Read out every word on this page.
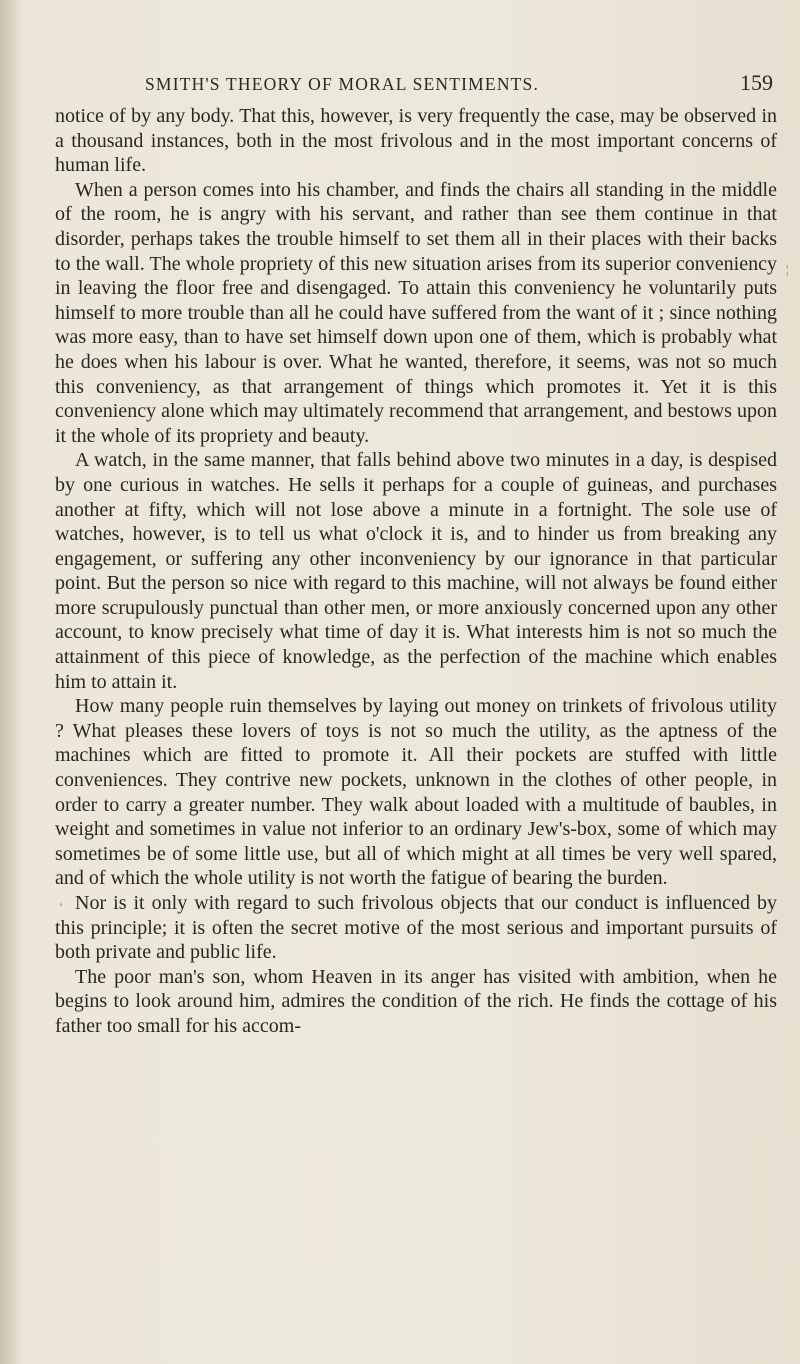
SMITH'S THEORY OF MORAL SENTIMENTS.	159

notice of by any body. That this, however, is very frequently the case, may be observed in a thousand instances, both in the most frivolous and in the most important concerns of human life.

When a person comes into his chamber, and finds the chairs all standing in the middle of the room, he is angry with his servant, and rather than see them continue in that disorder, perhaps takes the trouble himself to set them all in their places with their backs to the wall. The whole propriety of this new situation arises from its superior conveniency in leaving the floor free and disengaged. To attain this conveniency he voluntarily puts himself to more trouble than all he could have suffered from the want of it ; since nothing was more easy, than to have set himself down upon one of them, which is probably what he does when his labour is over. What he wanted, therefore, it seems, was not so much this conveniency, as that arrangement of things which promotes it. Yet it is this conveniency alone which may ultimately recommend that arrangement, and bestows upon it the whole of its propriety and beauty.

A watch, in the same manner, that falls behind above two minutes in a day, is despised by one curious in watches. He sells it perhaps for a couple of guineas, and purchases another at fifty, which will not lose above a minute in a fortnight. The sole use of watches, however, is to tell us what o'clock it is, and to hinder us from breaking any engagement, or suffering any other inconveniency by our ignorance in that particular point. But the person so nice with regard to this machine, will not always be found either more scrupulously punctual than other men, or more anxiously concerned upon any other account, to know precisely what time of day it is. What interests him is not so much the attainment of this piece of knowledge, as the perfection of the machine which enables him to attain it.

How many people ruin themselves by laying out money on trinkets of frivolous utility ? What pleases these lovers of toys is not so much the utility, as the aptness of the machines which are fitted to promote it. All their pockets are stuffed with little conveniences. They contrive new pockets, unknown in the clothes of other people, in order to carry a greater number. They walk about loaded with a multitude of baubles, in weight and sometimes in value not inferior to an ordinary Jew's-box, some of which may sometimes be of some little use, but all of which might at all times be very well spared, and of which the whole utility is not worth the fatigue of bearing the burden.

Nor is it only with regard to such frivolous objects that our conduct is influenced by this principle; it is often the secret motive of the most serious and important pursuits of both private and public life.

The poor man's son, whom Heaven in its anger has visited with ambition, when he begins to look around him, admires the condition of the rich. He finds the cottage of his father too small for his accom-

¦
'
